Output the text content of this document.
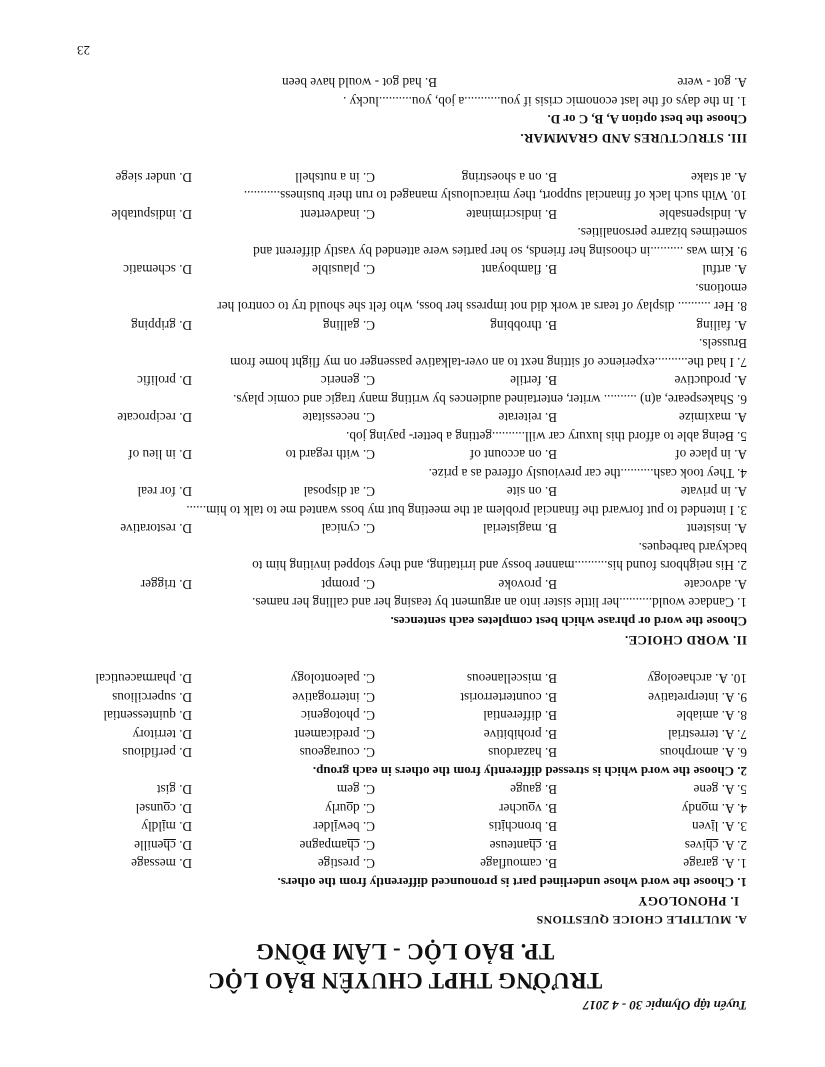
Tuyển tập Olympic 30 - 4 2017
TRƯỜNG THPT CHUYÊN BẢO LỘC
TP. BẢO LỘC - LÂM ĐỒNG
A. MULTIPLE CHOICE QUESTIONS
I. PHONOLOGY
1. Choose the word whose underlined part is pronounced differently from the others.
1. A. garage
B. camouflage
C. prestige
D. message
2. A. chives
B. chanteuse
C. champagne
D. chenille
3. A. liven
B. bronchitis
C. bewilder
D. mildly
4. A. mondy
B. voucher
C. dourly
D. counsel
5. A. gene
B. gauge
C. gem
D. gist
2. Choose the word which is stressed differently from the others in each group.
6. A. amorphous
B. hazardous
C. courageous
D. perfidious
7. A. terrestrial
B. prohibitive
C. predicament
D. territory
8. A. amiable
B. differential
C. photogenic
D. quintessential
9. A. interpretative
B. counterterrorist
C. interrogative
D. supercilious
10. A. archaeology
B. miscellaneous
C. paleontology
D. pharmaceutical
II. WORD CHOICE.
Choose the word or phrase which best completes each sentences.
1. Candace would..........her little sister into an argument by teasing her and calling her names.
A. advocate
B. provoke
C. prompt
D. trigger
2. His neighbors found his..........manner bossy and irritating, and they stopped inviting him to
backyard barbeques.
A. insistent
B. magisterial
C. cynical
D. restorative
3. I intended to put forward the financial problem at the meeting but my boss wanted me to talk to him......
A. in private
B. on site
C. at disposal
D. for real
4. They took cash..........the car previously offered as a prize.
A. in place of
B. on account of
C. with regard to
D. in lieu of
5. Being able to afford this luxury car will..........getting a better- paying job.
A. maximize
B. reiterate
C. necessitate
D. reciprocate
6. Shakespeare, a(n) .......... writer, entertained audiences by writing many tragic and comic plays.
A. productive
B. fertile
C. generic
D. prolific
7. I had the..........experience of sitting next to an over-talkative passenger on my flight home from
Brussels.
A. failing
B. throbbing
C. galling
D. gripping
8. Her .......... display of tears at work did not impress her boss, who felt she should try to control her
emotions.
A. artful
B. flamboyant
C. plausible
D. schematic
9. Kim was ..........in choosing her friends, so her parties were attended by vastly different and
sometimes bizarre personalities.
A. indispensable
B. indiscriminate
C. inadvertent
D. indisputable
10. With such lack of financial support, they miraculously managed to run their business...........
A. at stake
B. on a shoestring
C. in a nutshell
D. under siege
III. STRUCTURES AND GRAMMAR.
Choose the best option A, B, C or D.
1. In the days of the last economic crisis if you...........a job, you..........lucky .
A. got - were
B. had got - would have been
23
